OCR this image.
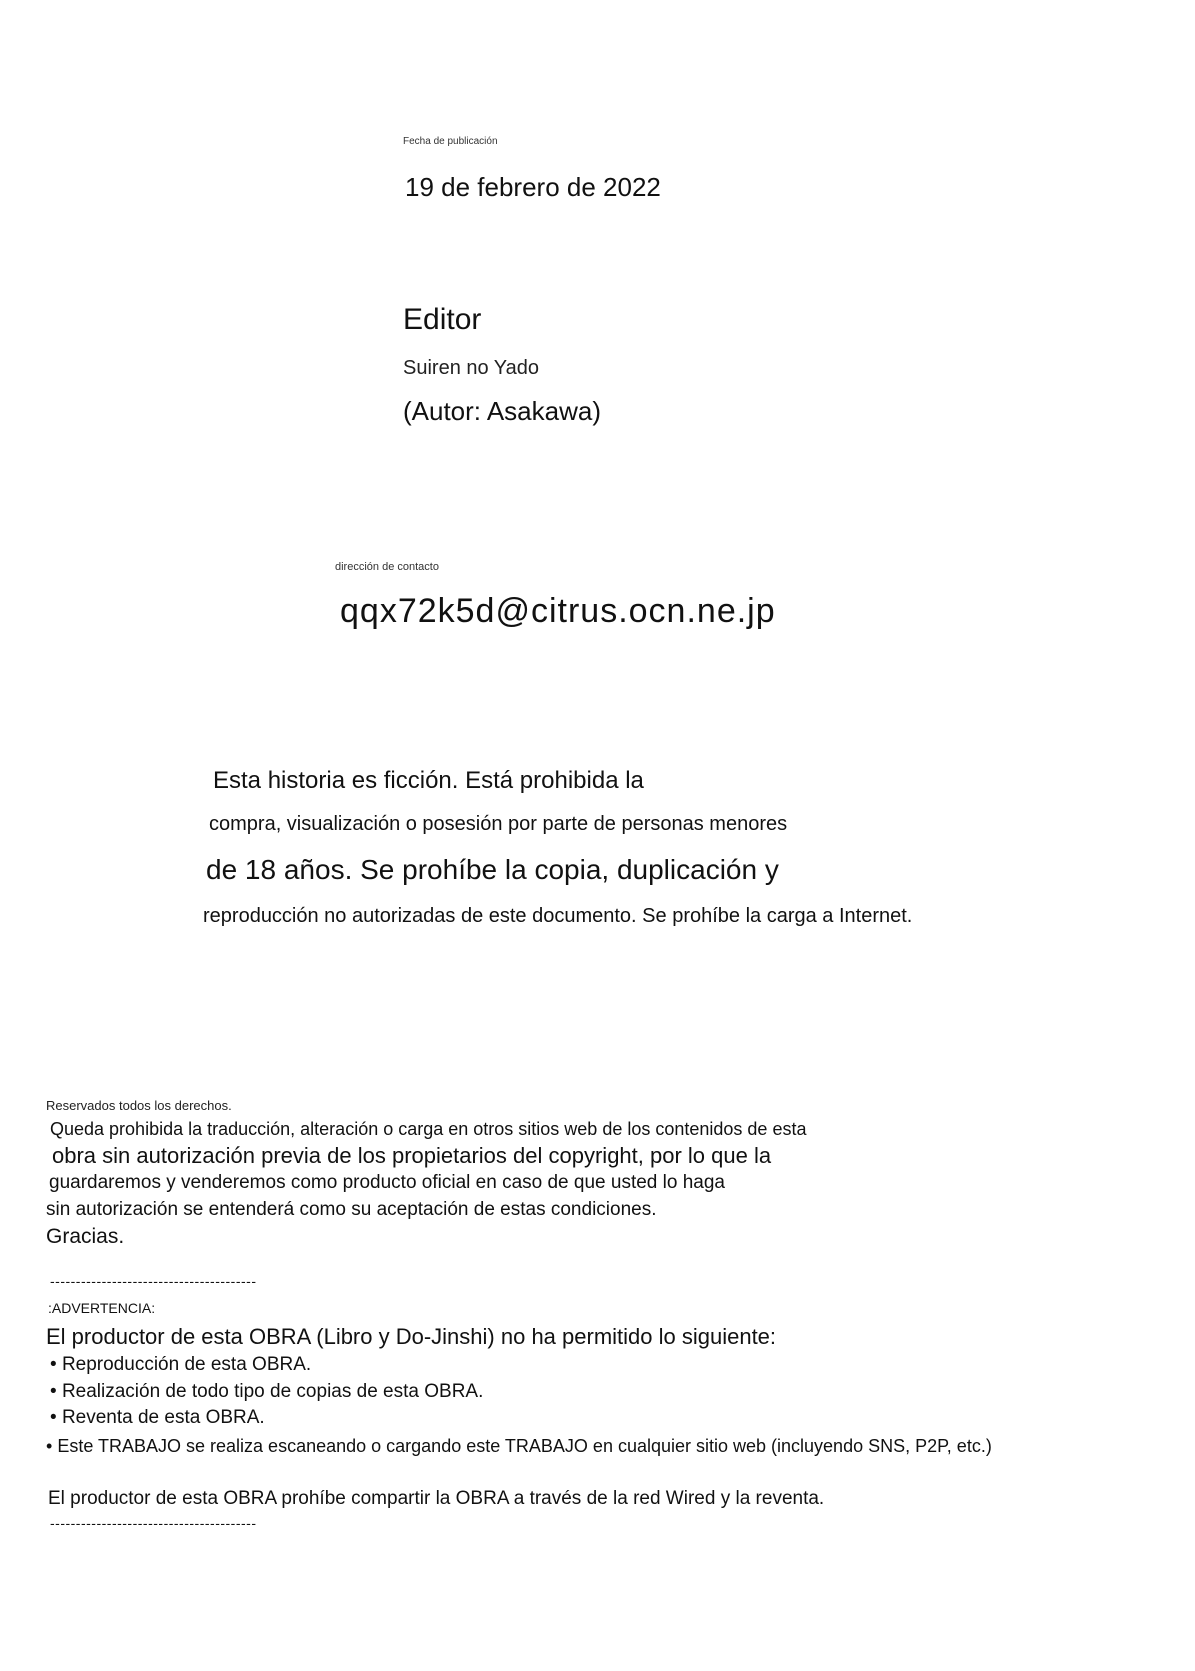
Fecha de publicación
19 de febrero de 2022
Editor
Suiren no Yado
(Autor: Asakawa)
dirección de contacto
qqx72k5d@citrus.ocn.ne.jp
Esta historia es ficción. Está prohibida la
compra, visualización o posesión por parte de personas menores
de 18 años. Se prohíbe la copia, duplicación y
reproducción no autorizadas de este documento. Se prohíbe la carga a Internet.
Reservados todos los derechos.
Queda prohibida la traducción, alteración o carga en otros sitios web de los contenidos de esta
obra sin autorización previa de los propietarios del copyright, por lo que la
guardaremos y venderemos como producto oficial en caso de que usted lo haga
sin autorización se entenderá como su aceptación de estas condiciones.
Gracias.
----------------------------------------
:ADVERTENCIA:
El productor de esta OBRA (Libro y Do-Jinshi) no ha permitido lo siguiente:
• Reproducción de esta OBRA.
• Realización de todo tipo de copias de esta OBRA.
• Reventa de esta OBRA.
• Este TRABAJO se realiza escaneando o cargando este TRABAJO en cualquier sitio web (incluyendo SNS, P2P, etc.)
El productor de esta OBRA prohíbe compartir la OBRA a través de la red Wired y la reventa.
----------------------------------------
